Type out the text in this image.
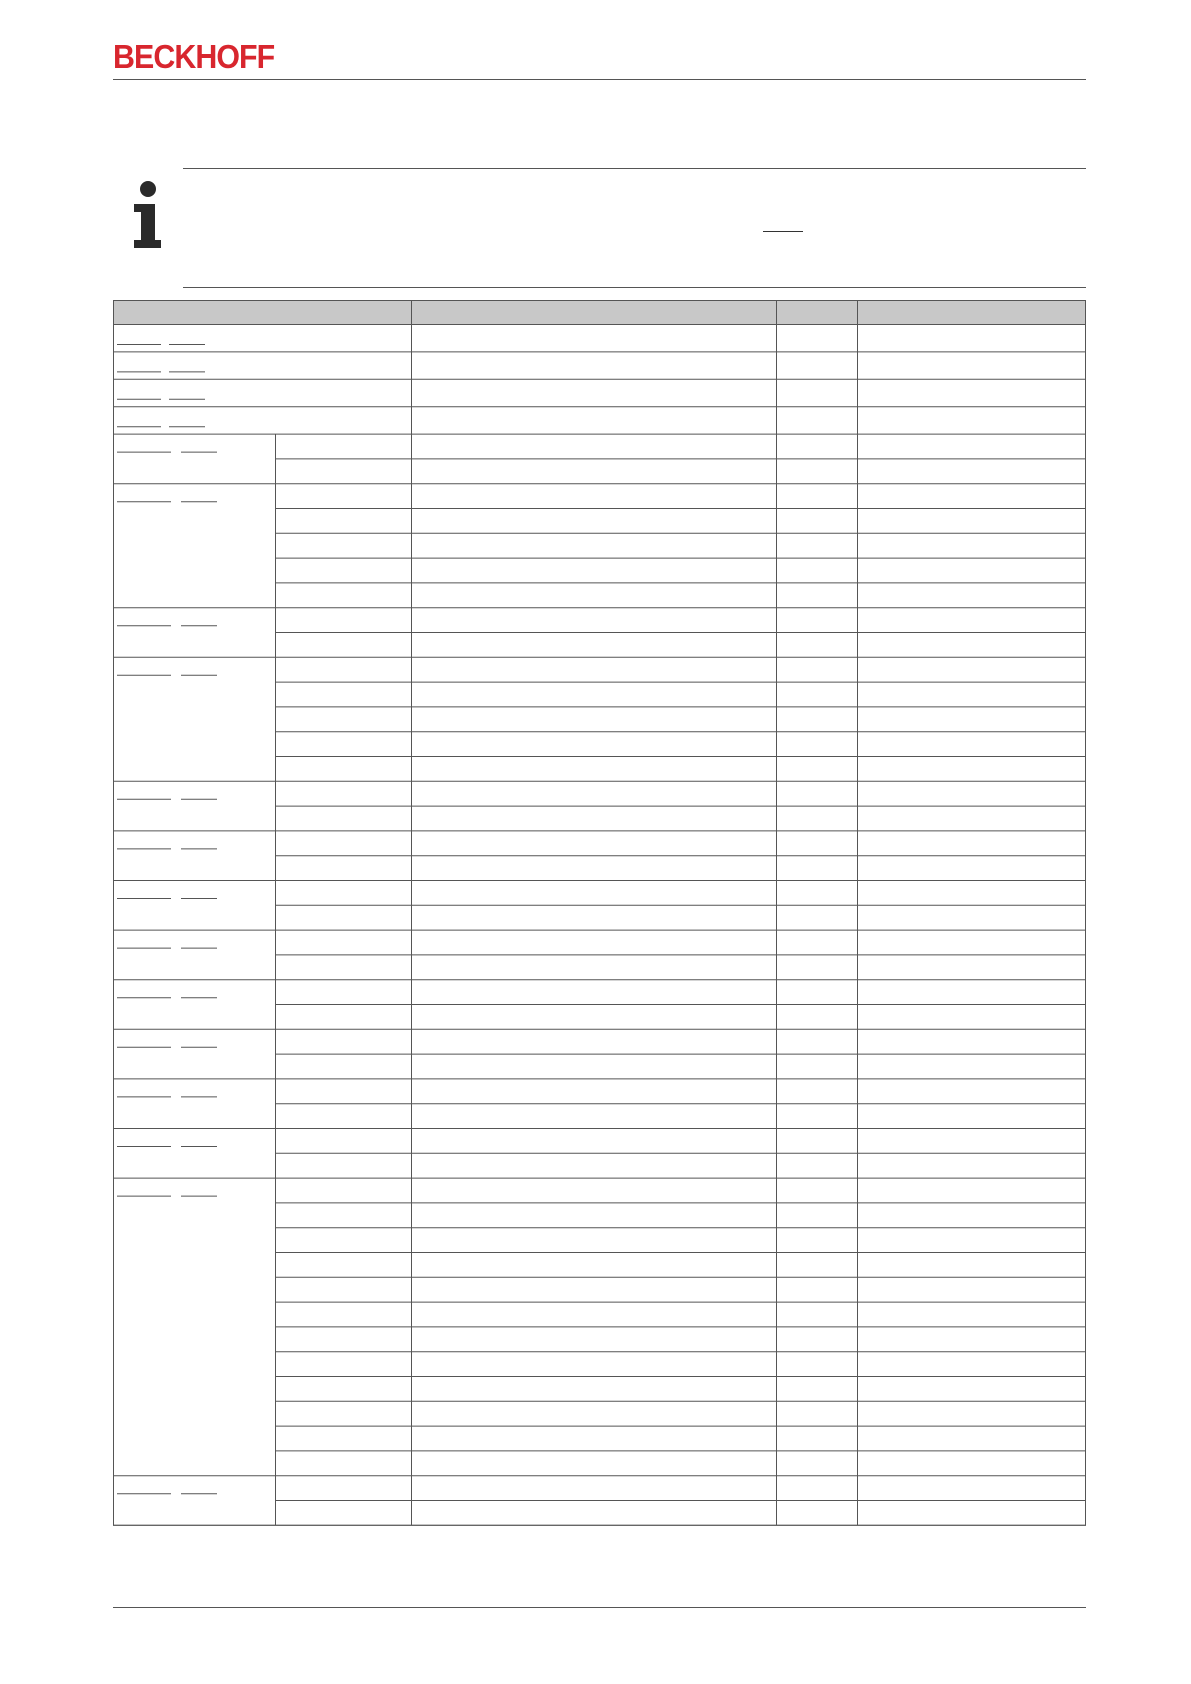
BECKHOFF
